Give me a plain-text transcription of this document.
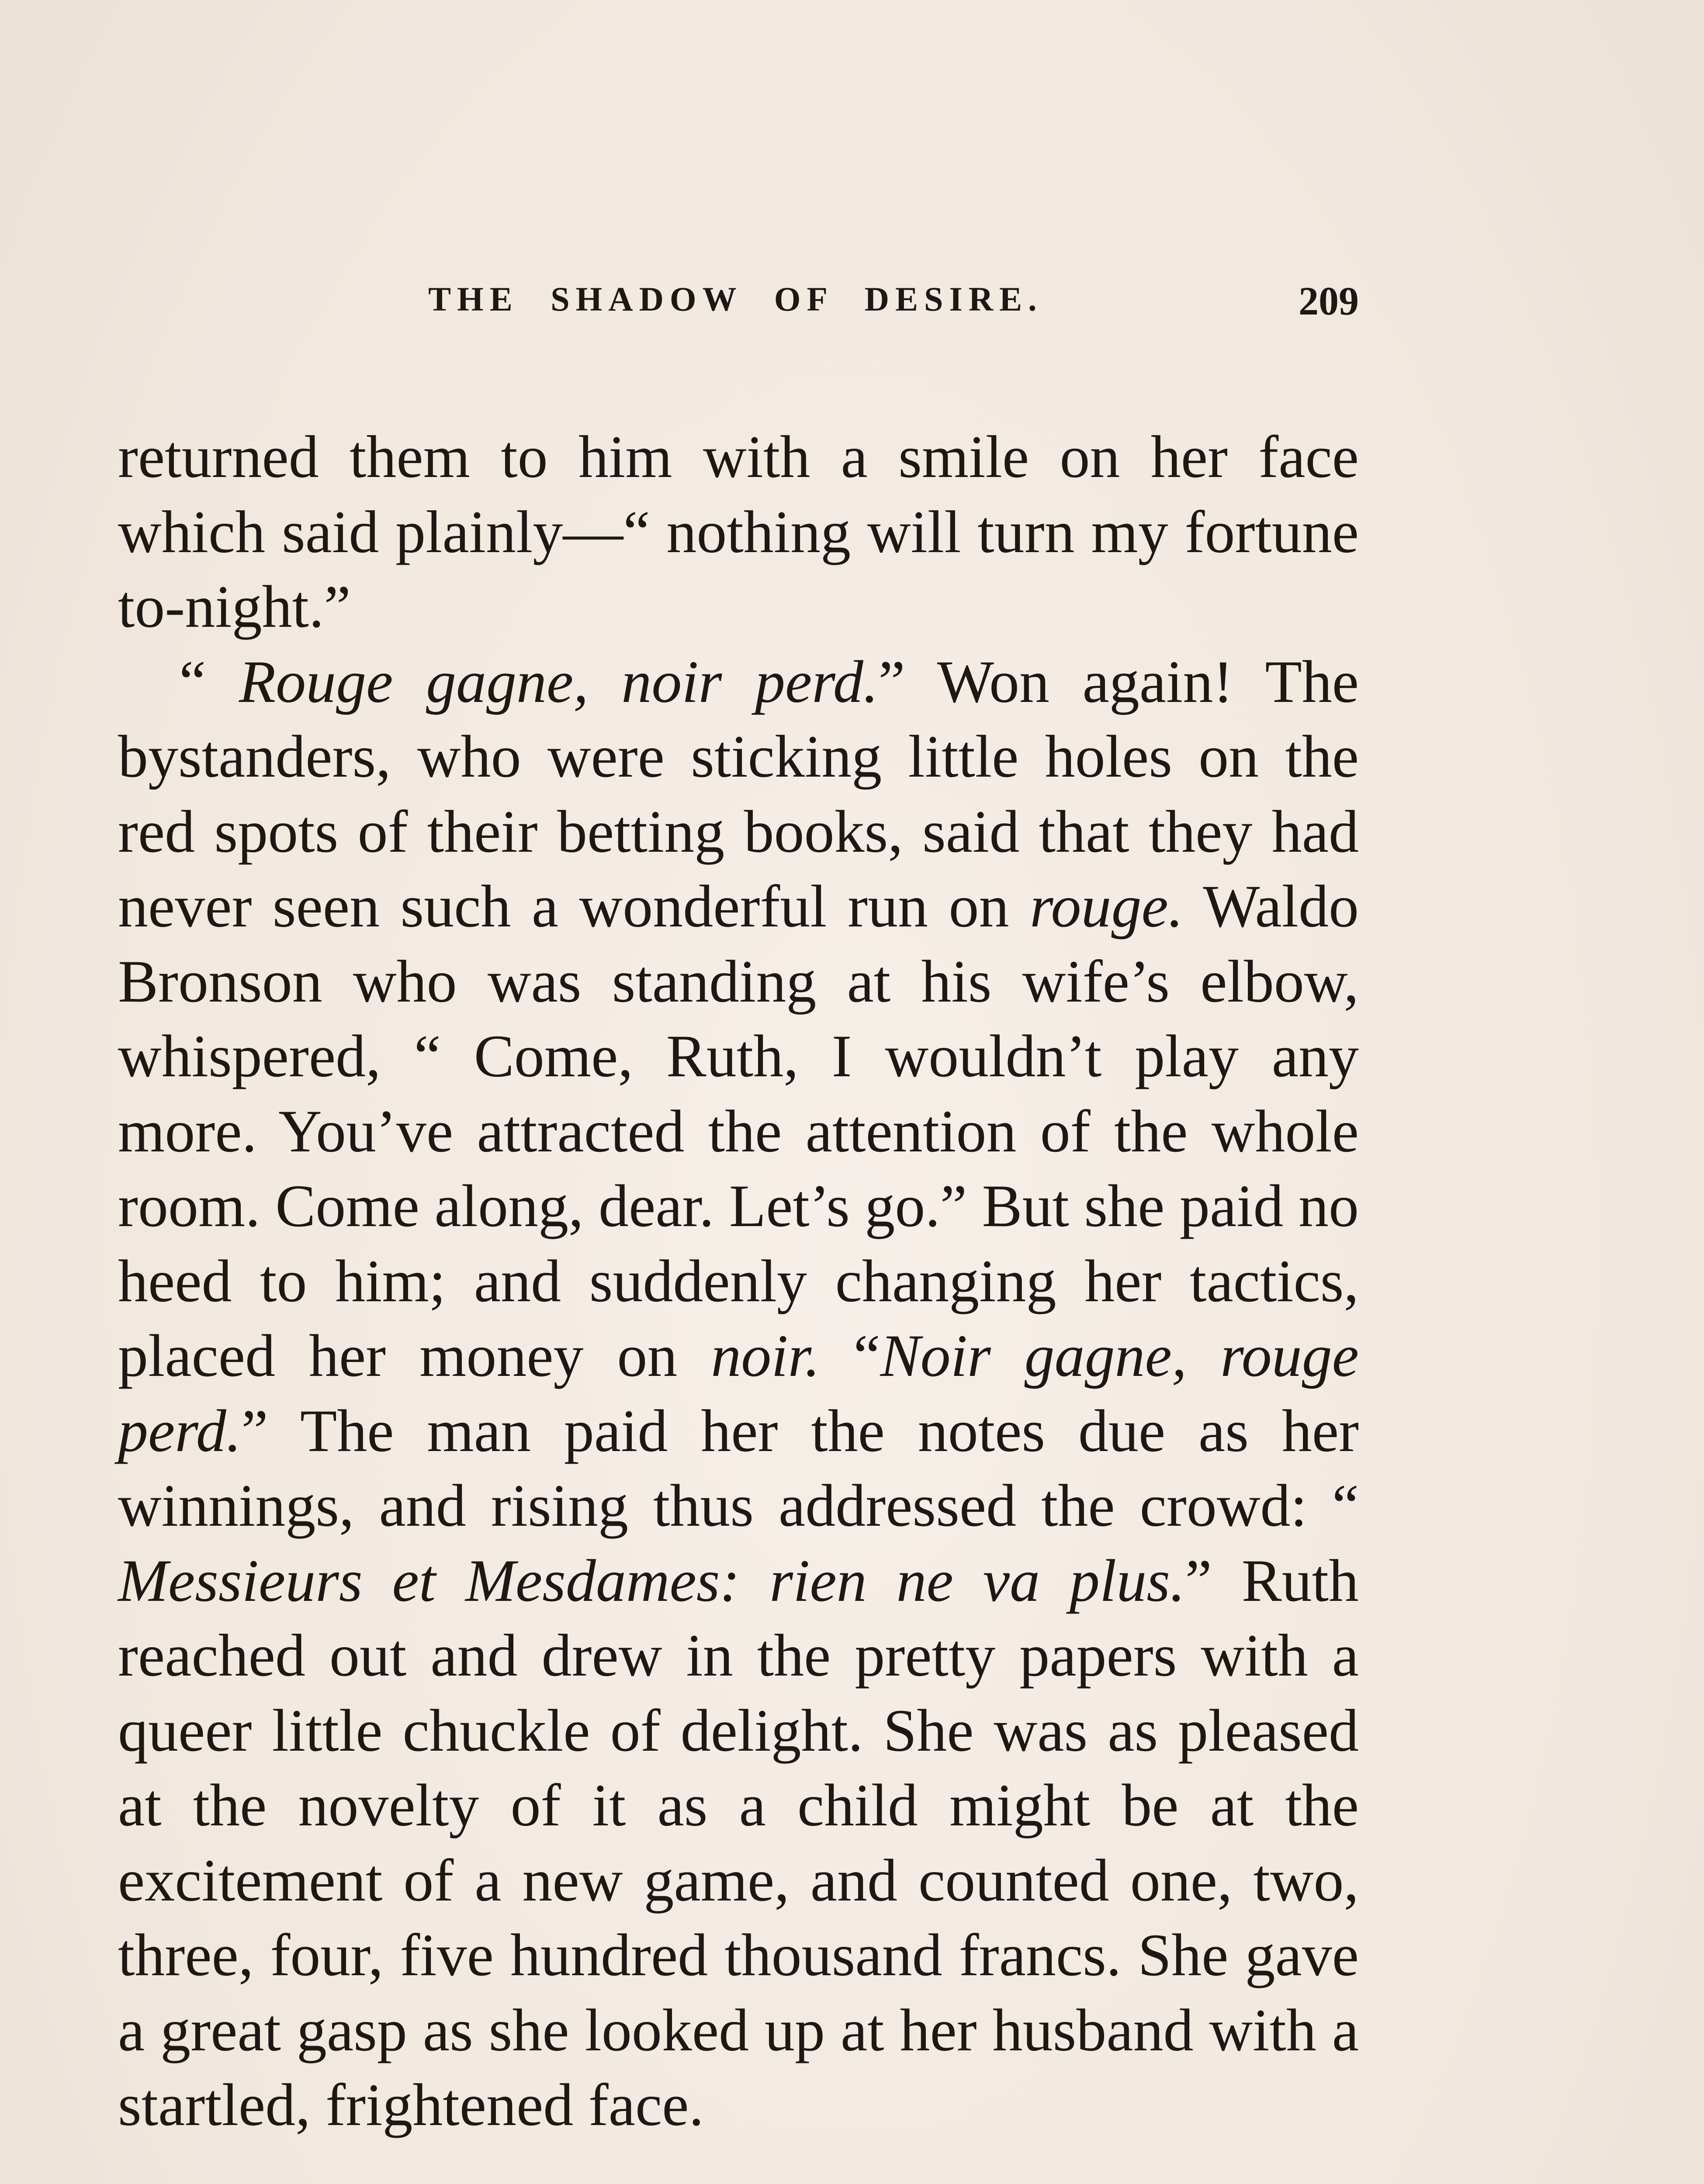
THE SHADOW OF DESIRE.	209

returned them to him with a smile on her face which said plainly—“ nothing will turn my fortune to-night.”

“ Rouge gagne, noir perd.” Won again! The bystanders, who were sticking little holes on the red spots of their betting books, said that they had never seen such a wonderful run on rouge. Waldo Bronson who was standing at his wife’s elbow, whispered, “ Come, Ruth, I wouldn’t play any more. You’ve attracted the attention of the whole room. Come along, dear. Let’s go.” But she paid no heed to him; and suddenly changing her tactics, placed her money on noir. “Noir gagne, rouge perd.” The man paid her the notes due as her winnings, and rising thus addressed the crowd: “ Messieurs et Mesdames: rien ne va plus.” Ruth reached out and drew in the pretty papers with a queer little chuckle of delight. She was as pleased at the novelty of it as a child might be at the excitement of a new game, and counted one, two, three, four, five hundred thousand francs. She gave a great gasp as she looked up at her husband with a startled, frightened face.
